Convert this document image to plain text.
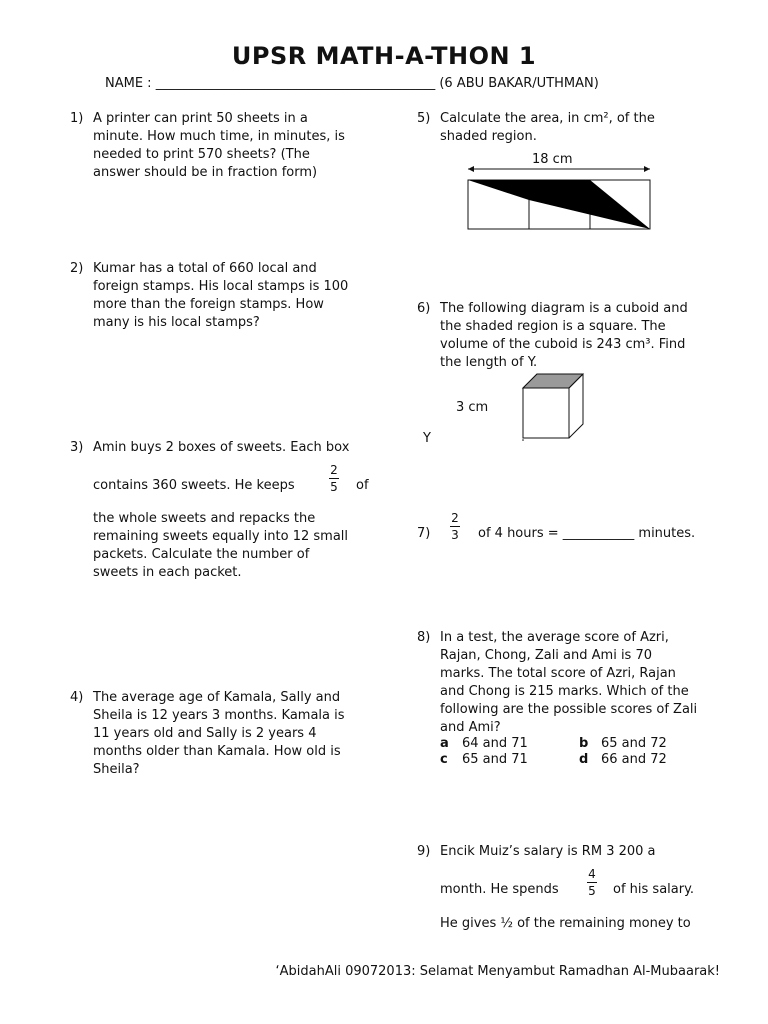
UPSR MATH-A-THON 1
NAME : ___________________________________________ (6 ABU BAKAR/UTHMAN)
1) A printer can print 50 sheets in a
minute. How much time, in minutes, is
needed to print 570 sheets? (The
answer should be in fraction form)
2) Kumar has a total of 660 local and
foreign stamps. His local stamps is 100
more than the foreign stamps. How
many is his local stamps?
3) Amin buys 2 boxes of sweets. Each box
contains 360 sweets. He keeps
2
5 of
the whole sweets and repacks the
remaining sweets equally into 12 small
packets. Calculate the number of
sweets in each packet.
4) The average age of Kamala, Sally and
Sheila is 12 years 3 months. Kamala is
11 years old and Sally is 2 years 4
months older than Kamala. How old is
Sheila?
5) Calculate the area, in cm², of the
shaded region.
18 cm
6) The following diagram is a cuboid and
the shaded region is a square. The
volume of the cuboid is 243 cm³. Find
the length of Y.
3 cm
Y
7)
2
3 of 4 hours = ___________ minutes.
8) In a test, the average score of Azri,
Rajan, Chong, Zali and Ami is 70
marks. The total score of Azri, Rajan
and Chong is 215 marks. Which of the
following are the possible scores of Zali
and Ami?
a 64 and 71	b 65 and 72
c 65 and 71	d 66 and 72
9) Encik Muiz’s salary is RM 3 200 a
month. He spends
4
5 of his salary.
He gives ½ of the remaining money to
‘AbidahAli 09072013: Selamat Menyambut Ramadhan Al-Mubaarak!
